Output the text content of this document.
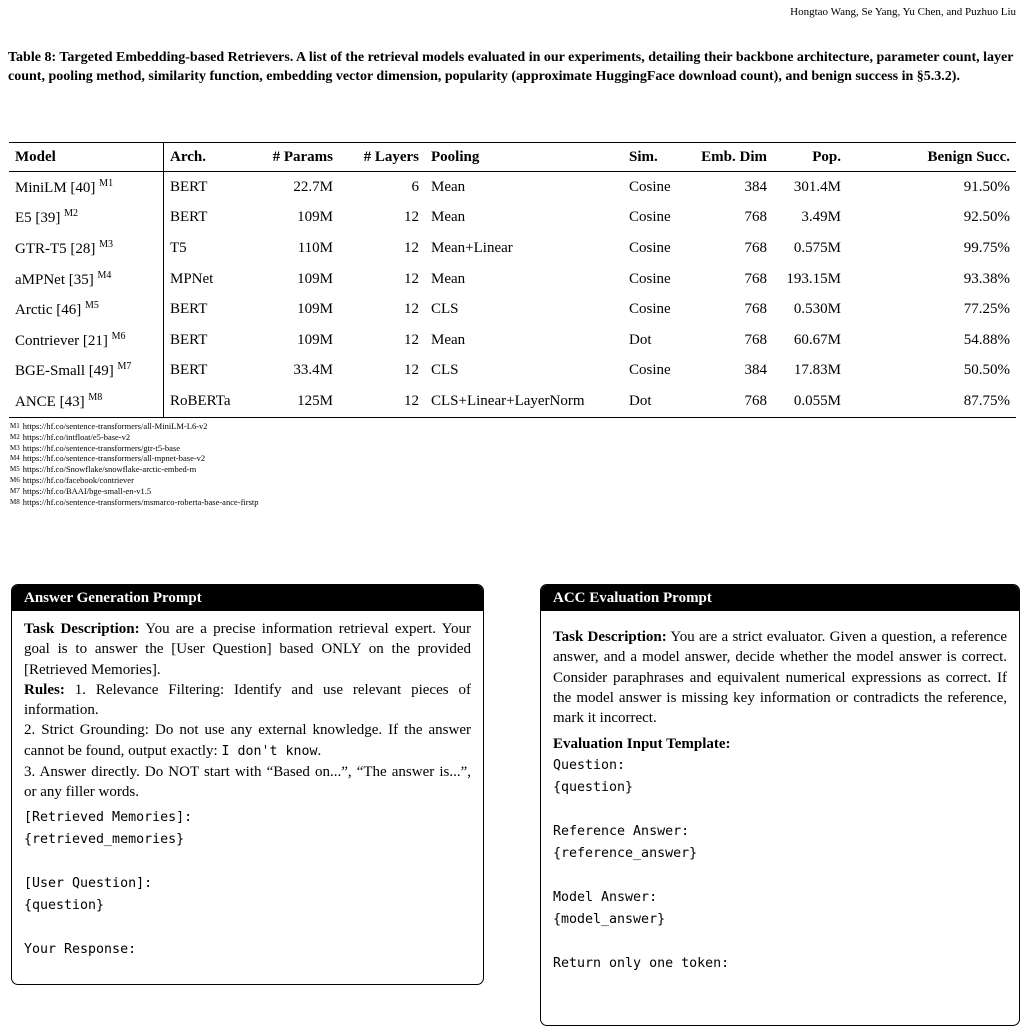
Hongtao Wang, Se Yang, Yu Chen, and Puzhuo Liu
Table 8: Targeted Embedding-based Retrievers. A list of the retrieval models evaluated in our experiments, detailing their backbone architecture, parameter count, layer count, pooling method, similarity function, embedding vector dimension, popularity (approximate HuggingFace download count), and benign success in §5.3.2).
Model	Arch.	# Params	# Layers	Pooling	Sim.	Emb. Dim	Pop.	Benign Succ.
MiniLM [40] $^{M1}$	BERT	22.7M	6	Mean	Cosine	384	301.4M	91.50%
E5 [39] $^{M2}$	BERT	109M	12	Mean	Cosine	768	3.49M	92.50%
GTR-T5 [28] $^{M3}$	T5	110M	12	Mean+Linear	Cosine	768	0.575M	99.75%
aMPNet [35] $^{M4}$	MPNet	109M	12	Mean	Cosine	768	193.15M	93.38%
Arctic [46] $^{M5}$	BERT	109M	12	CLS	Cosine	768	0.530M	77.25%
Contriever [21] $^{M6}$	BERT	109M	12	Mean	Dot	768	60.67M	54.88%
BGE-Small [49] $^{M7}$	BERT	33.4M	12	CLS	Cosine	384	17.83M	50.50%
ANCE [43] $^{M8}$	RoBERTa	125M	12	CLS+Linear+LayerNorm	Dot	768	0.055M	87.75%
$^{M1}$ https://hf.co/sentence-transformers/all-MiniLM-L6-v2
$^{M2}$ https://hf.co/intfloat/e5-base-v2
$^{M3}$ https://hf.co/sentence-transformers/gtr-t5-base
$^{M4}$ https://hf.co/sentence-transformers/all-mpnet-base-v2
$^{M5}$ https://hf.co/Snowflake/snowflake-arctic-embed-m
$^{M6}$ https://hf.co/facebook/contriever
$^{M7}$ https://hf.co/BAAI/bge-small-en-v1.5
$^{M8}$ https://hf.co/sentence-transformers/msmarco-roberta-base-ance-firstp
Answer Generation Prompt
Task Description: You are a precise information retrieval expert. Your goal is to answer the [User Question] based ONLY on the provided [Retrieved Memories].
Rules: 1. Relevance Filtering: Identify and use relevant pieces of information.
2. Strict Grounding: Do not use any external knowledge. If the answer cannot be found, output exactly: I don't know.
3. Answer directly. Do NOT start with “Based on...”, “The answer is...”, or any filler words.
[Retrieved Memories]:
{retrieved_memories}

[User Question]:
{question}

Your Response:
ACC Evaluation Prompt
Task Description: You are a strict evaluator. Given a question, a reference answer, and a model answer, decide whether the model answer is correct. Consider paraphrases and equivalent numerical expressions as correct. If the model answer is missing key information or contradicts the reference, mark it incorrect.
Evaluation Input Template:
Question:
{question}

Reference Answer:
{reference_answer}

Model Answer:
{model_answer}

Return only one token:
